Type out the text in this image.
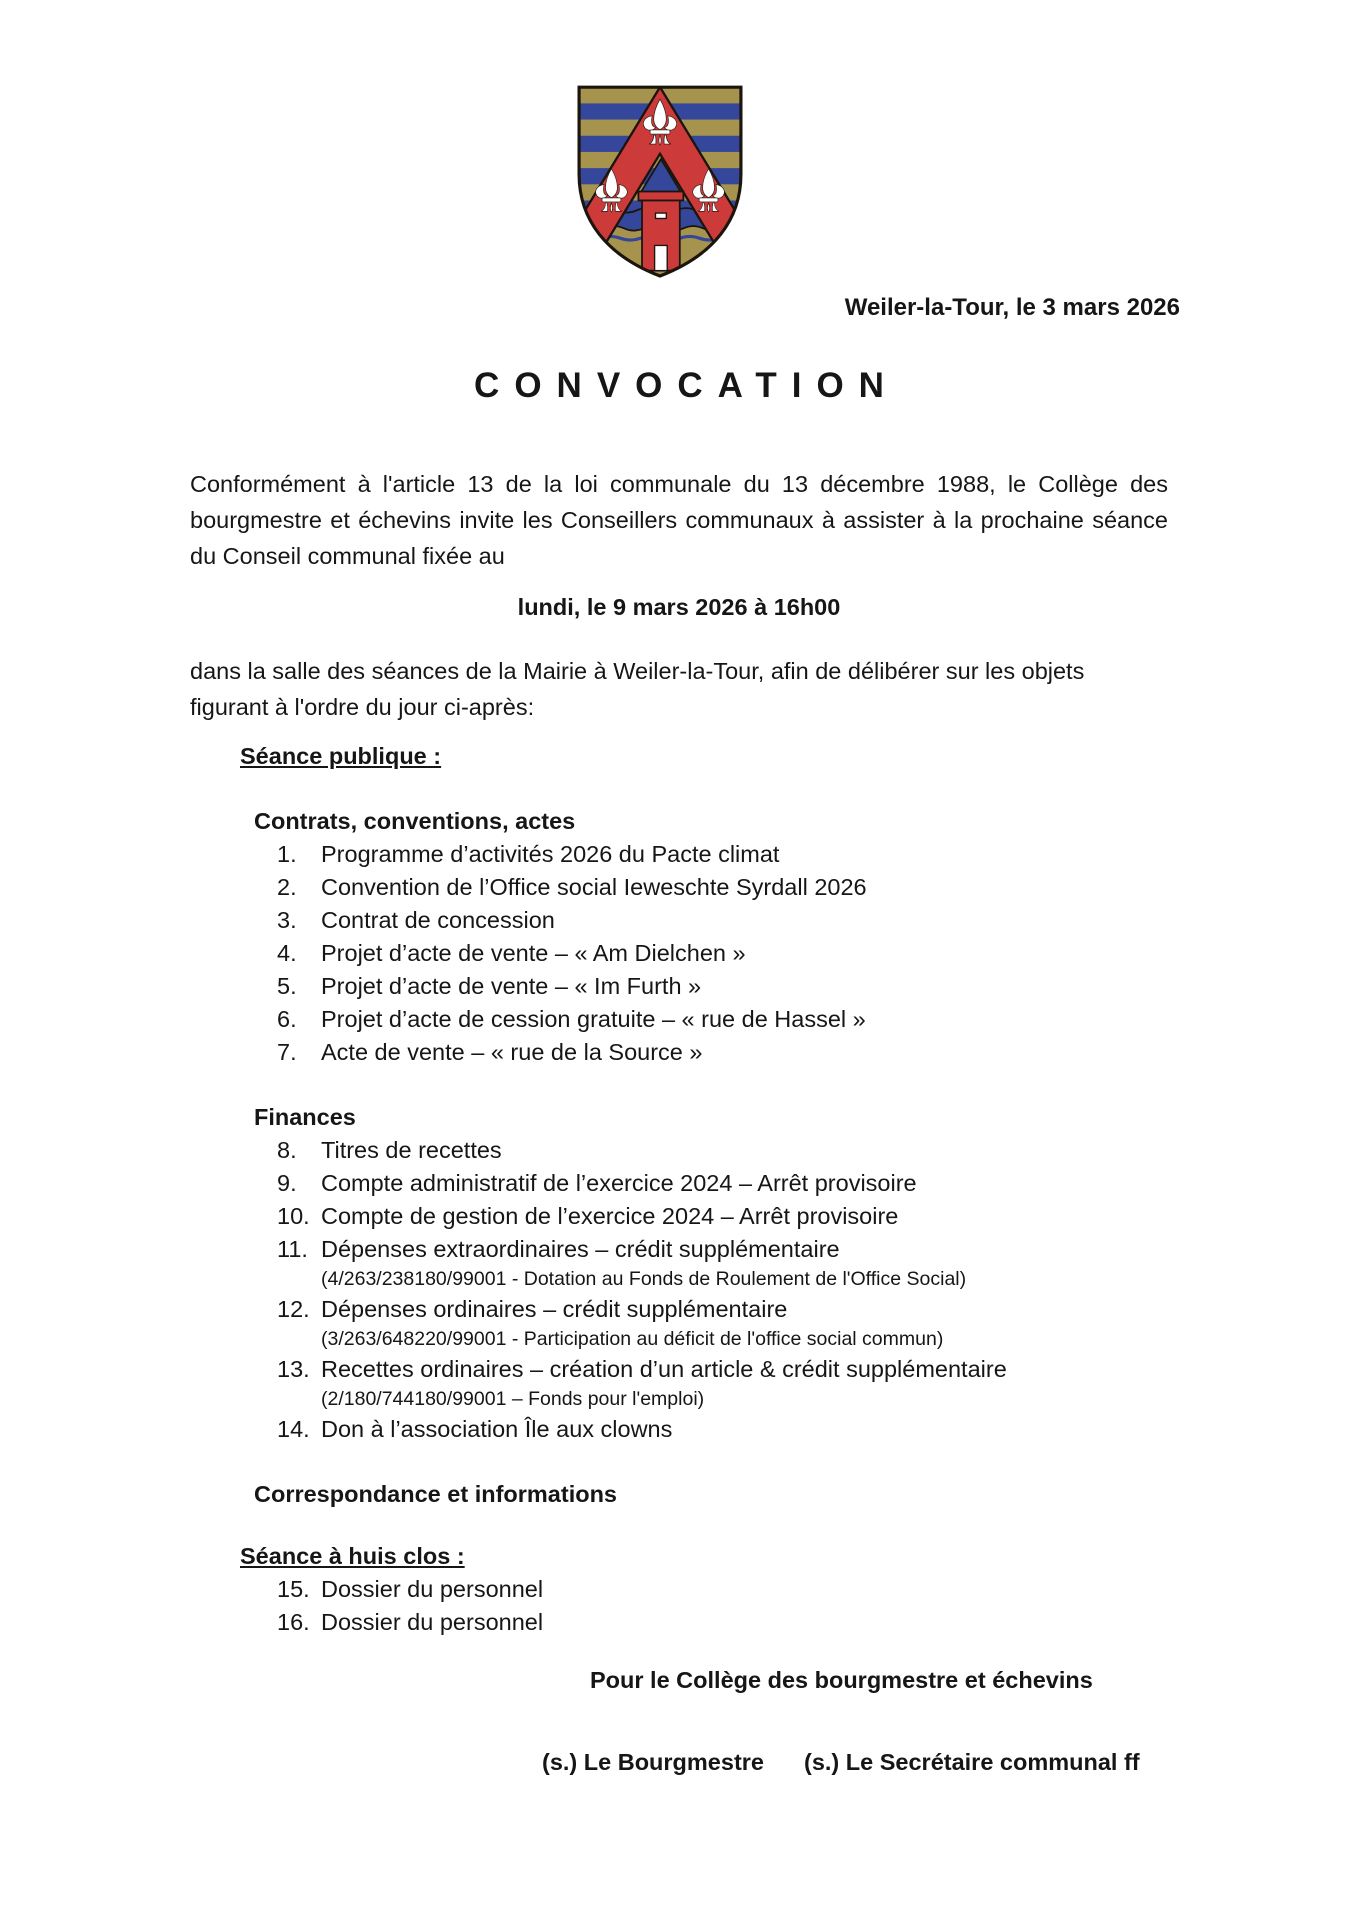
Weiler-la-Tour, le 3 mars 2026
CONVOCATION

Conformément à l'article 13 de la loi communale du 13 décembre 1988, le Collège des bourgmestre et échevins invite les Conseillers communaux à assister à la prochaine séance du Conseil communal fixée au

lundi, le 9 mars 2026 à 16h00

dans la salle des séances de la Mairie à Weiler-la-Tour, afin de délibérer sur les objets figurant à l'ordre du jour ci-après:

Séance publique :
Contrats, conventions, actes
1.	Programme d’activités 2026 du Pacte climat
2.	Convention de l’Office social Ieweschte Syrdall 2026
3.	Contrat de concession
4.	Projet d’acte de vente – « Am Dielchen »
5.	Projet d’acte de vente – « Im Furth »
6.	Projet d’acte de cession gratuite – « rue de Hassel »
7.	Acte de vente – « rue de la Source »
Finances
8.	Titres de recettes
9.	Compte administratif de l’exercice 2024 – Arrêt provisoire
10. Compte de gestion de l’exercice 2024 – Arrêt provisoire
11. Dépenses extraordinaires – crédit supplémentaire
(4/263/238180/99001 - Dotation au Fonds de Roulement de l'Office Social)
12. Dépenses ordinaires – crédit supplémentaire
(3/263/648220/99001 - Participation au déficit de l'office social commun)
13. Recettes ordinaires – création d’un article & crédit supplémentaire
(2/180/744180/99001 – Fonds pour l'emploi)
14. Don à l’association Île aux clowns
Correspondance et informations
Séance à huis clos :
15. Dossier du personnel
16. Dossier du personnel
Pour le Collège des bourgmestre et échevins
(s.) Le Bourgmestre (s.) Le Secrétaire communal ff
